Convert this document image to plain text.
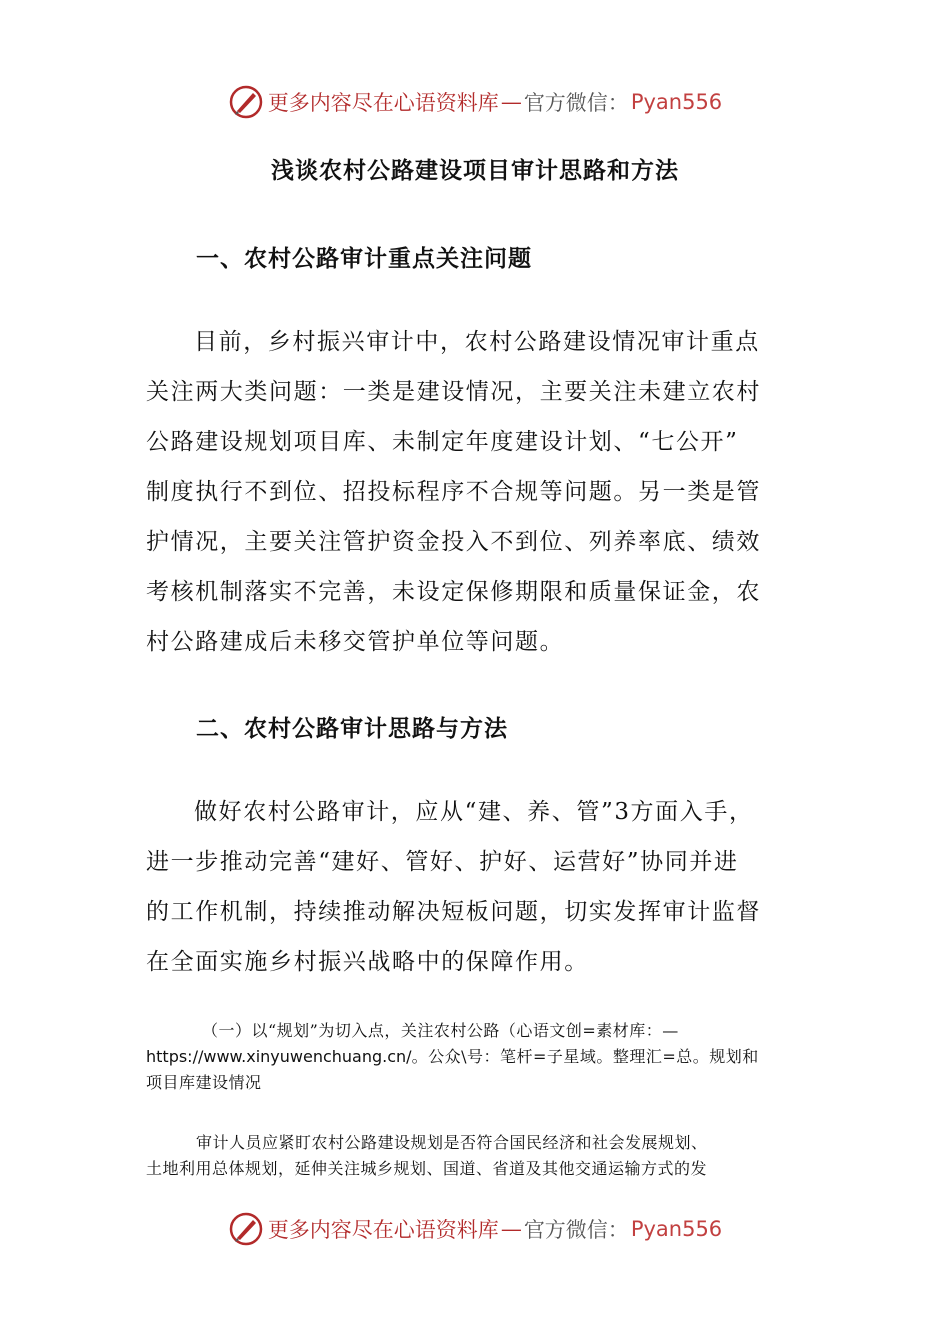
更多内容尽在心语资料库 — 官方微信： Pyan556
浅谈农村公路建设项目审计思路和方法
一、农村公路审计重点关注问题
目前，乡村振兴审计中，农村公路建设情况审计重点
关注两大类问题：一类是建设情况，主要关注未建立农村
公路建设规划项目库、未制定年度建设计划、“七公开”
制度执行不到位、招投标程序不合规等问题。另一类是管
护情况，主要关注管护资金投入不到位、列养率底、绩效
考核机制落实不完善，未设定保修期限和质量保证金，农
村公路建成后未移交管护单位等问题。
二、农村公路审计思路与方法
做好农村公路审计，应从“建、养、管”3方面入手，
进一步推动完善“建好、管好、护好、运营好”协同并进
的工作机制，持续推动解决短板问题，切实发挥审计监督
在全面实施乡村振兴战略中的保障作用。
（一）以“规划”为切入点，关注农村公路（心语文创=素材库：—
https://www.xinyuwenchuang.cn/。公众\号：笔杆=子星域。整理汇=总。规划和
项目库建设情况
审计人员应紧盯农村公路建设规划是否符合国民经济和社会发展规划、
土地利用总体规划，延伸关注城乡规划、国道、省道及其他交通运输方式的发
更多内容尽在心语资料库 — 官方微信： Pyan556
